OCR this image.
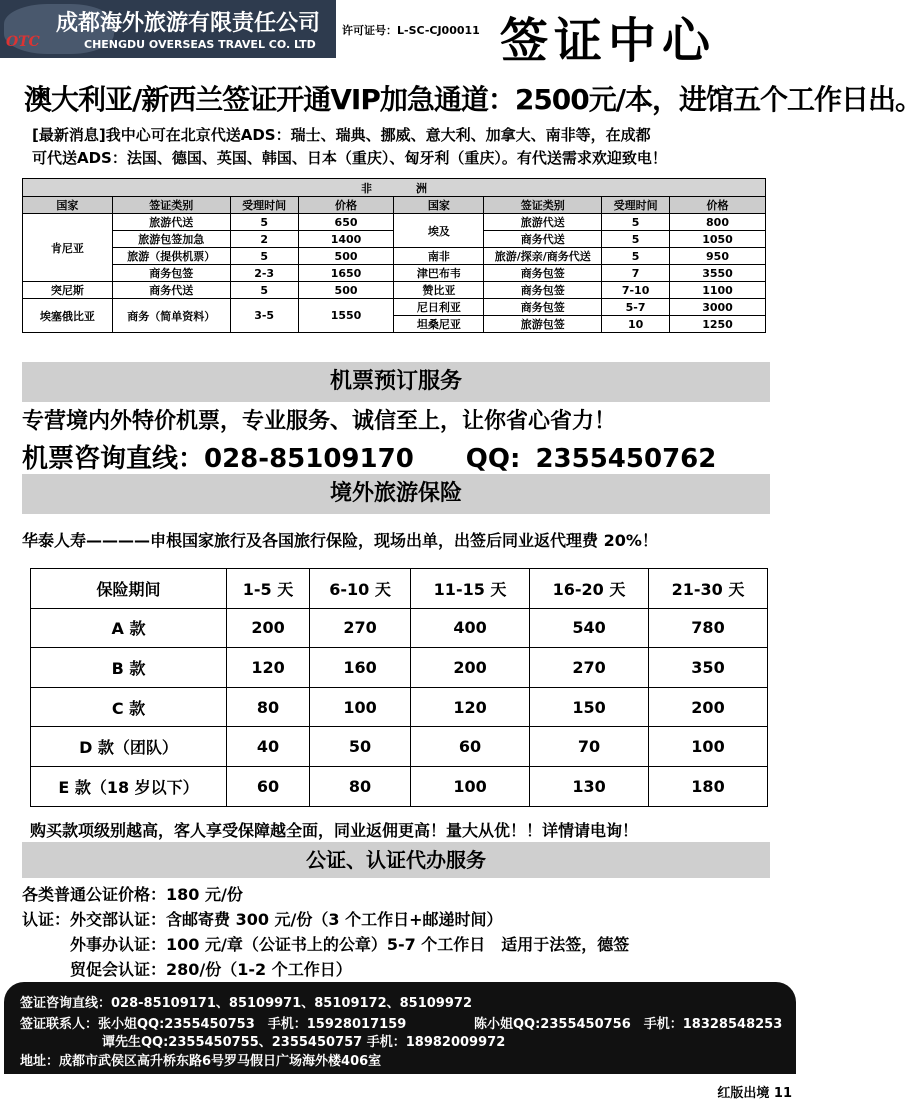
OTC
成都海外旅游有限责任公司
CHENGDU OVERSEAS TRAVEL CO. LTD
许可证号：L-SC-CJ00011 签证中心
澳大利亚/新西兰签证开通VIP加急通道：2500元/本，进馆五个工作日出。
[最新消息]我中心可在北京代送ADS：瑞士、瑞典、挪威、意大利、加拿大、南非等，在成都
可代送ADS：法国、德国、英国、韩国、日本（重庆）、匈牙利（重庆）。有代送需求欢迎致电！
非　　　　洲							
国家	签证类别	受理时间	价格	国家	签证类别	受理时间	价格
肯尼亚	旅游代送	5	650	埃及	旅游代送	5	800
	旅游包签加急	2	1400		商务代送	5	1050
	旅游（提供机票）	5	500	南非	旅游/探亲/商务代送	5	950
	商务包签	2-3	1650	津巴布韦	商务包签	7	3550
突尼斯	商务代送	5	500	赞比亚	商务包签	7-10	1100
埃塞俄比亚	商务（简单资料）	3-5	1550	尼日利亚	商务包签	5-7	3000
				坦桑尼亚	旅游包签	10	1250
机票预订服务
专营境内外特价机票，专业服务、诚信至上，让你省心省力！
机票咨询直线：028-85109170　　QQ: 2355450762
境外旅游保险
华泰人寿————申根国家旅行及各国旅行保险，现场出单，出签后同业返代理费 20%！
保险期间	1-5 天	6-10 天	11-15 天	16-20 天	21-30 天
A 款	200	270	400	540	780
B 款	120	160	200	270	350
C 款	80	100	120	150	200
D 款（团队）	40	50	60	70	100
E 款（18 岁以下）	60	80	100	130	180
购买款项级别越高，客人享受保障越全面，同业返佣更高！量大从优！！详情请电询！
公证、认证代办服务
各类普通公证价格：180 元/份
认证：外交部认证：含邮寄费 300 元/份（3 个工作日+邮递时间）
　　　外事办认证：100 元/章（公证书上的公章）5-7 个工作日　适用于法签，德签
　　　贸促会认证：280/份（1-2 个工作日）
签证咨询直线：028-85109171、85109971、85109172、85109972
签证联系人：张小姐QQ:2355450753　手机：15928017159	陈小姐QQ:2355450756　手机：18328548253
谭先生QQ:2355450755、2355450757 手机：18982009972
地址：成都市武侯区高升桥东路6号罗马假日广场海外楼406室
红版出境 11
